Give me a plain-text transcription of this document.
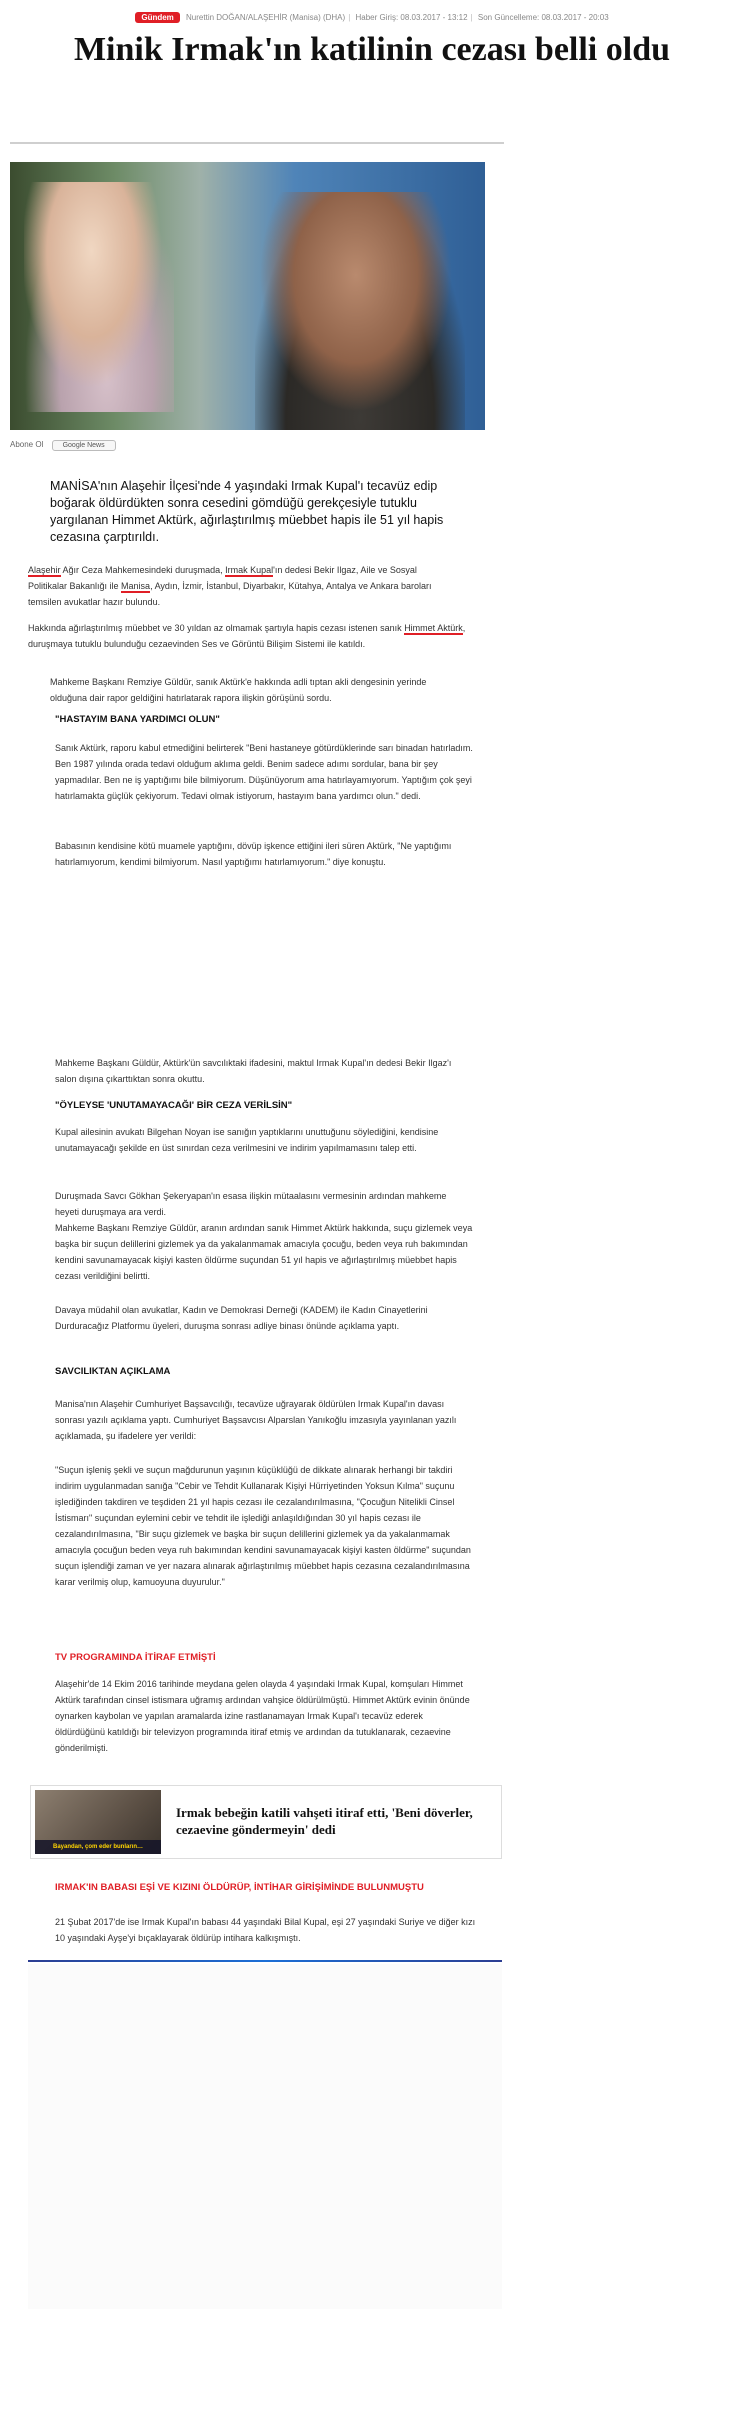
Gündem Nurettin DOĞAN/ALAŞEHİR (Manisa) (DHA) | Haber Giriş: 08.03.2017 - 13:12 | Son Güncelleme: 08.03.2017 - 20:03
Minik Irmak'ın katilinin cezası belli oldu
Abone Ol	Google News
MANİSA'nın Alaşehir İlçesi'nde 4 yaşındaki Irmak Kupal'ı tecavüz edip boğarak öldürdükten sonra cesedini gömdüğü gerekçesiyle tutuklu yargılanan Himmet Aktürk, ağırlaştırılmış müebbet hapis ile 51 yıl hapis cezasına çarptırıldı.
Alaşehir Ağır Ceza Mahkemesindeki duruşmada, Irmak Kupal'ın dedesi Bekir Ilgaz, Aile ve Sosyal Politikalar Bakanlığı ile Manisa, Aydın, İzmir, İstanbul, Diyarbakır, Kütahya, Antalya ve Ankara baroları temsilen avukatlar hazır bulundu.
Hakkında ağırlaştırılmış müebbet ve 30 yıldan az olmamak şartıyla hapis cezası istenen sanık Himmet Aktürk, duruşmaya tutuklu bulunduğu cezaevinden Ses ve Görüntü Bilişim Sistemi ile katıldı.
Mahkeme Başkanı Remziye Güldür, sanık Aktürk'e hakkında adli tıptan akli dengesinin yerinde olduğuna dair rapor geldiğini hatırlatarak rapora ilişkin görüşünü sordu.
"HASTAYIM BANA YARDIMCI OLUN"
Sanık Aktürk, raporu kabul etmediğini belirterek "Beni hastaneye götürdüklerinde sarı binadan hatırladım. Ben 1987 yılında orada tedavi olduğum aklıma geldi. Benim sadece adımı sordular, bana bir şey yapmadılar. Ben ne iş yaptığımı bile bilmiyorum. Düşünüyorum ama hatırlayamıyorum. Yaptığım çok şeyi hatırlamakta güçlük çekiyorum. Tedavi olmak istiyorum, hastayım bana yardımcı olun." dedi.
Babasının kendisine kötü muamele yaptığını, dövüp işkence ettiğini ileri süren Aktürk, "Ne yaptığımı hatırlamıyorum, kendimi bilmiyorum. Nasıl yaptığımı hatırlamıyorum." diye konuştu.
Mahkeme Başkanı Güldür, Aktürk'ün savcılıktaki ifadesini, maktul Irmak Kupal'ın dedesi Bekir Ilgaz'ı salon dışına çıkarttıktan sonra okuttu.
"ÖYLEYSE 'UNUTAMAYACAĞI' BİR CEZA VERİLSİN"
Kupal ailesinin avukatı Bilgehan Noyan ise sanığın yaptıklarını unuttuğunu söylediğini, kendisine unutamayacağı şekilde en üst sınırdan ceza verilmesini ve indirim yapılmamasını talep etti.
Duruşmada Savcı Gökhan Şekeryapan'ın esasa ilişkin mütaalasını vermesinin ardından mahkeme heyeti duruşmaya ara verdi.
Mahkeme Başkanı Remziye Güldür, aranın ardından sanık Himmet Aktürk hakkında, suçu gizlemek veya başka bir suçun delillerini gizlemek ya da yakalanmamak amacıyla çocuğu, beden veya ruh bakımından kendini savunamayacak kişiyi kasten öldürme suçundan 51 yıl hapis ve ağırlaştırılmış müebbet hapis cezası verildiğini belirtti.
Davaya müdahil olan avukatlar, Kadın ve Demokrasi Derneği (KADEM) ile Kadın Cinayetlerini Durduracağız Platformu üyeleri, duruşma sonrası adliye binası önünde açıklama yaptı.
SAVCILIKTAN AÇIKLAMA
Manisa'nın Alaşehir Cumhuriyet Başsavcılığı, tecavüze uğrayarak öldürülen Irmak Kupal'ın davası sonrası yazılı açıklama yaptı. Cumhuriyet Başsavcısı Alparslan Yanıkoğlu imzasıyla yayınlanan yazılı açıklamada, şu ifadelere yer verildi:
"Suçun işleniş şekli ve suçun mağdurunun yaşının küçüklüğü de dikkate alınarak herhangi bir takdiri indirim uygulanmadan sanığa "Cebir ve Tehdit Kullanarak Kişiyi Hürriyetinden Yoksun Kılma" suçunu işlediğinden takdiren ve teşdiden 21 yıl hapis cezası ile cezalandırılmasına, "Çocuğun Nitelikli Cinsel İstismarı" suçundan eylemini cebir ve tehdit ile işlediği anlaşıldığından 30 yıl hapis cezası ile cezalandırılmasına, "Bir suçu gizlemek ve başka bir suçun delillerini gizlemek ya da yakalanmamak amacıyla çocuğun beden veya ruh bakımından kendini savunamayacak kişiyi kasten öldürme" suçundan suçun işlendiği zaman ve yer nazara alınarak ağırlaştırılmış müebbet hapis cezasına cezalandırılmasına karar verilmiş olup, kamuoyuna duyurulur."
TV PROGRAMINDA İTİRAF ETMİŞTİ
Alaşehir'de 14 Ekim 2016 tarihinde meydana gelen olayda 4 yaşındaki Irmak Kupal, komşuları Himmet Aktürk tarafından cinsel istismara uğramış ardından vahşice öldürülmüştü. Himmet Aktürk evinin önünde oynarken kaybolan ve yapılan aramalarda izine rastlanamayan Irmak Kupal'ı tecavüz ederek öldürdüğünü katıldığı bir televizyon programında itiraf etmiş ve ardından da tutuklanarak, cezaevine gönderilmişti.
Bayandan, çom eder bunların…
Irmak bebeğin katili vahşeti itiraf etti, 'Beni döverler, cezaevine göndermeyin' dedi
IRMAK'IN BABASI EŞİ VE KIZINI ÖLDÜRÜP, İNTİHAR GİRİŞİMİNDE BULUNMUŞTU
21 Şubat 2017'de ise Irmak Kupal'ın babası 44 yaşındaki Bilal Kupal, eşi 27 yaşındaki Suriye ve diğer kızı 10 yaşındaki Ayşe'yi bıçaklayarak öldürüp intihara kalkışmıştı.
